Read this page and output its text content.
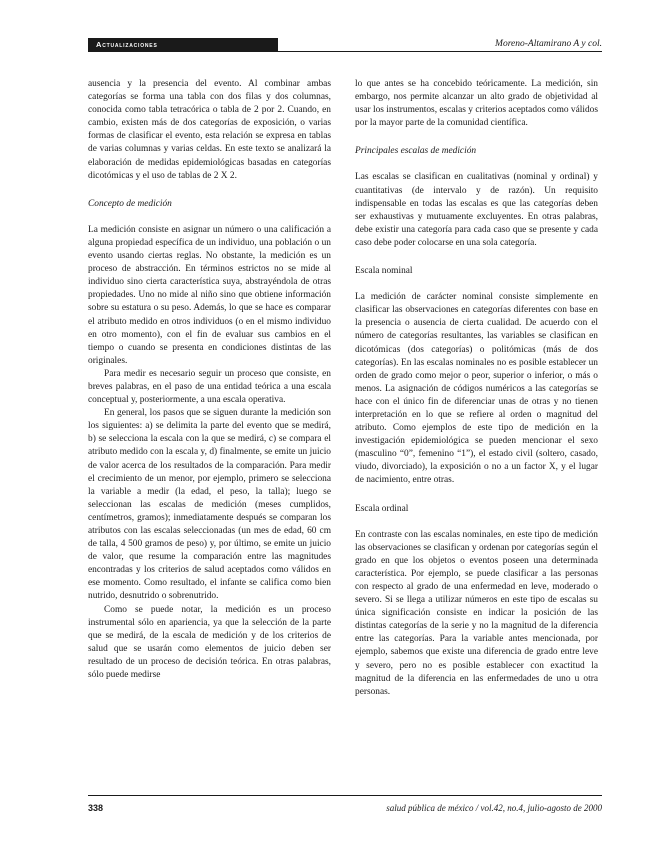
Actualizaciones	Moreno-Altamirano A y col.

ausencia y la presencia del evento. Al combinar ambas categorías se forma una tabla con dos filas y dos columnas, conocida como tabla tetracórica o tabla de 2 por 2. Cuando, en cambio, existen más de dos categorías de exposición, o varias formas de clasificar el evento, esta relación se expresa en tablas de varias columnas y varias celdas. En este texto se analizará la elaboración de medidas epidemiológicas basadas en categorías dicotómicas y el uso de tablas de 2 X 2.

Concepto de medición

La medición consiste en asignar un número o una calificación a alguna propiedad específica de un individuo, una población o un evento usando ciertas reglas. No obstante, la medición es un proceso de abstracción. En términos estrictos no se mide al individuo sino cierta característica suya, abstrayéndola de otras propiedades. Uno no mide al niño sino que obtiene información sobre su estatura o su peso. Además, lo que se hace es comparar el atributo medido en otros individuos (o en el mismo individuo en otro momento), con el fin de evaluar sus cambios en el tiempo o cuando se presenta en condiciones distintas de las originales.

Para medir es necesario seguir un proceso que consiste, en breves palabras, en el paso de una entidad teórica a una escala conceptual y, posteriormente, a una escala operativa.

En general, los pasos que se siguen durante la medición son los siguientes: a) se delimita la parte del evento que se medirá, b) se selecciona la escala con la que se medirá, c) se compara el atributo medido con la escala y, d) finalmente, se emite un juicio de valor acerca de los resultados de la comparación. Para medir el crecimiento de un menor, por ejemplo, primero se selecciona la variable a medir (la edad, el peso, la talla); luego se seleccionan las escalas de medición (meses cumplidos, centímetros, gramos); inmediatamente después se comparan los atributos con las escalas seleccionadas (un mes de edad, 60 cm de talla, 4 500 gramos de peso) y, por último, se emite un juicio de valor, que resume la comparación entre las magnitudes encontradas y los criterios de salud aceptados como válidos en ese momento. Como resultado, el infante se califica como bien nutrido, desnutrido o sobrenutrido.

Como se puede notar, la medición es un proceso instrumental sólo en apariencia, ya que la selección de la parte que se medirá, de la escala de medición y de los criterios de salud que se usarán como elementos de juicio deben ser resultado de un proceso de decisión teórica. En otras palabras, sólo puede medirse

lo que antes se ha concebido teóricamente. La medición, sin embargo, nos permite alcanzar un alto grado de objetividad al usar los instrumentos, escalas y criterios aceptados como válidos por la mayor parte de la comunidad científica.

Principales escalas de medición

Las escalas se clasifican en cualitativas (nominal y ordinal) y cuantitativas (de intervalo y de razón). Un requisito indispensable en todas las escalas es que las categorías deben ser exhaustivas y mutuamente excluyentes. En otras palabras, debe existir una categoría para cada caso que se presente y cada caso debe poder colocarse en una sola categoría.

Escala nominal

La medición de carácter nominal consiste simplemente en clasificar las observaciones en categorías diferentes con base en la presencia o ausencia de cierta cualidad. De acuerdo con el número de categorías resultantes, las variables se clasifican en dicotómicas (dos categorías) o politómicas (más de dos categorías). En las escalas nominales no es posible establecer un orden de grado como mejor o peor, superior o inferior, o más o menos. La asignación de códigos numéricos a las categorías se hace con el único fin de diferenciar unas de otras y no tienen interpretación en lo que se refiere al orden o magnitud del atributo. Como ejemplos de este tipo de medición en la investigación epidemiológica se pueden mencionar el sexo (masculino “0”, femenino “1”), el estado civil (soltero, casado, viudo, divorciado), la exposición o no a un factor X, y el lugar de nacimiento, entre otras.

Escala ordinal

En contraste con las escalas nominales, en este tipo de medición las observaciones se clasifican y ordenan por categorías según el grado en que los objetos o eventos poseen una determinada característica. Por ejemplo, se puede clasificar a las personas con respecto al grado de una enfermedad en leve, moderado o severo. Si se llega a utilizar números en este tipo de escalas su única significación consiste en indicar la posición de las distintas categorías de la serie y no la magnitud de la diferencia entre las categorías. Para la variable antes mencionada, por ejemplo, sabemos que existe una diferencia de grado entre leve y severo, pero no es posible establecer con exactitud la magnitud de la diferencia en las enfermedades de uno u otra personas.

338	salud pública de méxico / vol.42, no.4, julio-agosto de 2000
